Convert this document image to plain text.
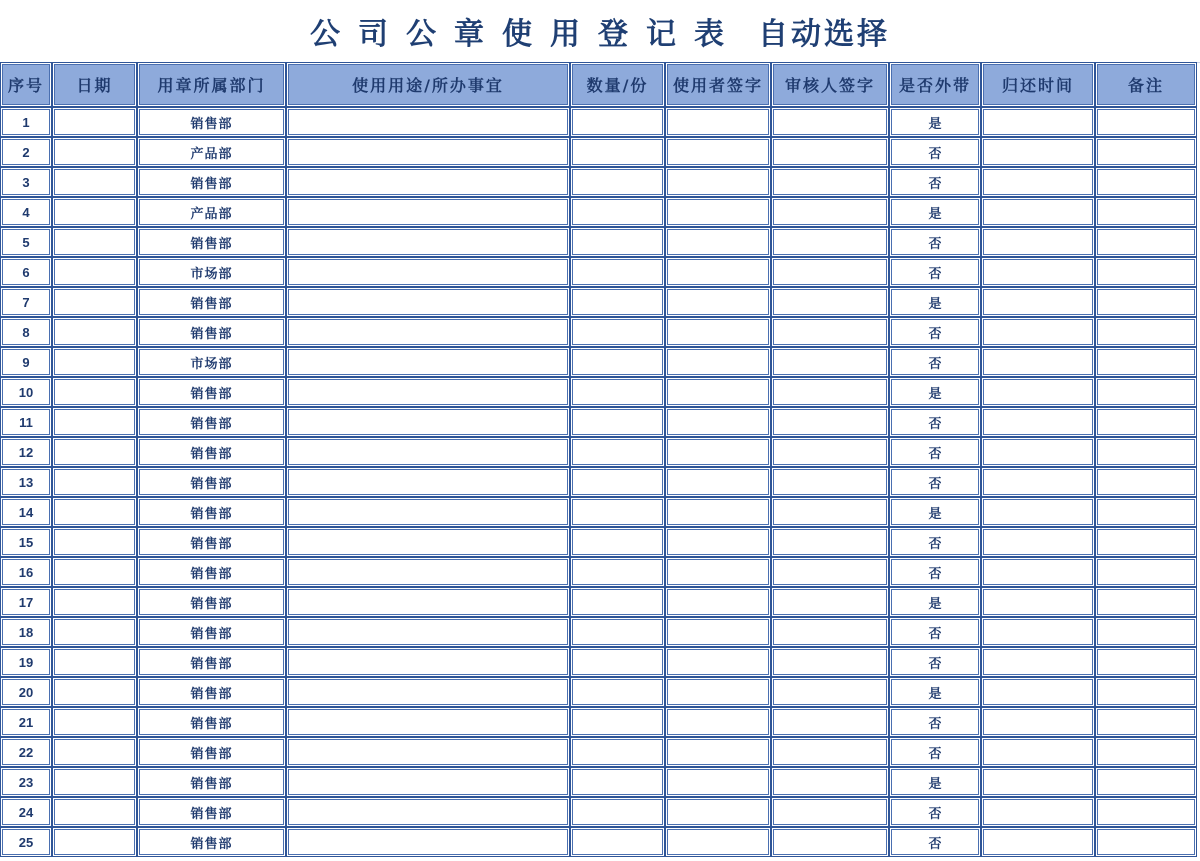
公司公章使用登记表 自动选择
序号	日期	用章所属部门	使用用途/所办事宜	数量/份	使用者签字	审核人签字	是否外带	归还时间	备注
1		销售部					是		
2		产品部					否		
3		销售部					否		
4		产品部					是		
5		销售部					否		
6		市场部					否		
7		销售部					是		
8		销售部					否		
9		市场部					否		
10		销售部					是		
11		销售部					否		
12		销售部					否		
13		销售部					否		
14		销售部					是		
15		销售部					否		
16		销售部					否		
17		销售部					是		
18		销售部					否		
19		销售部					否		
20		销售部					是		
21		销售部					否		
22		销售部					否		
23		销售部					是		
24		销售部					否		
25		销售部					否		
